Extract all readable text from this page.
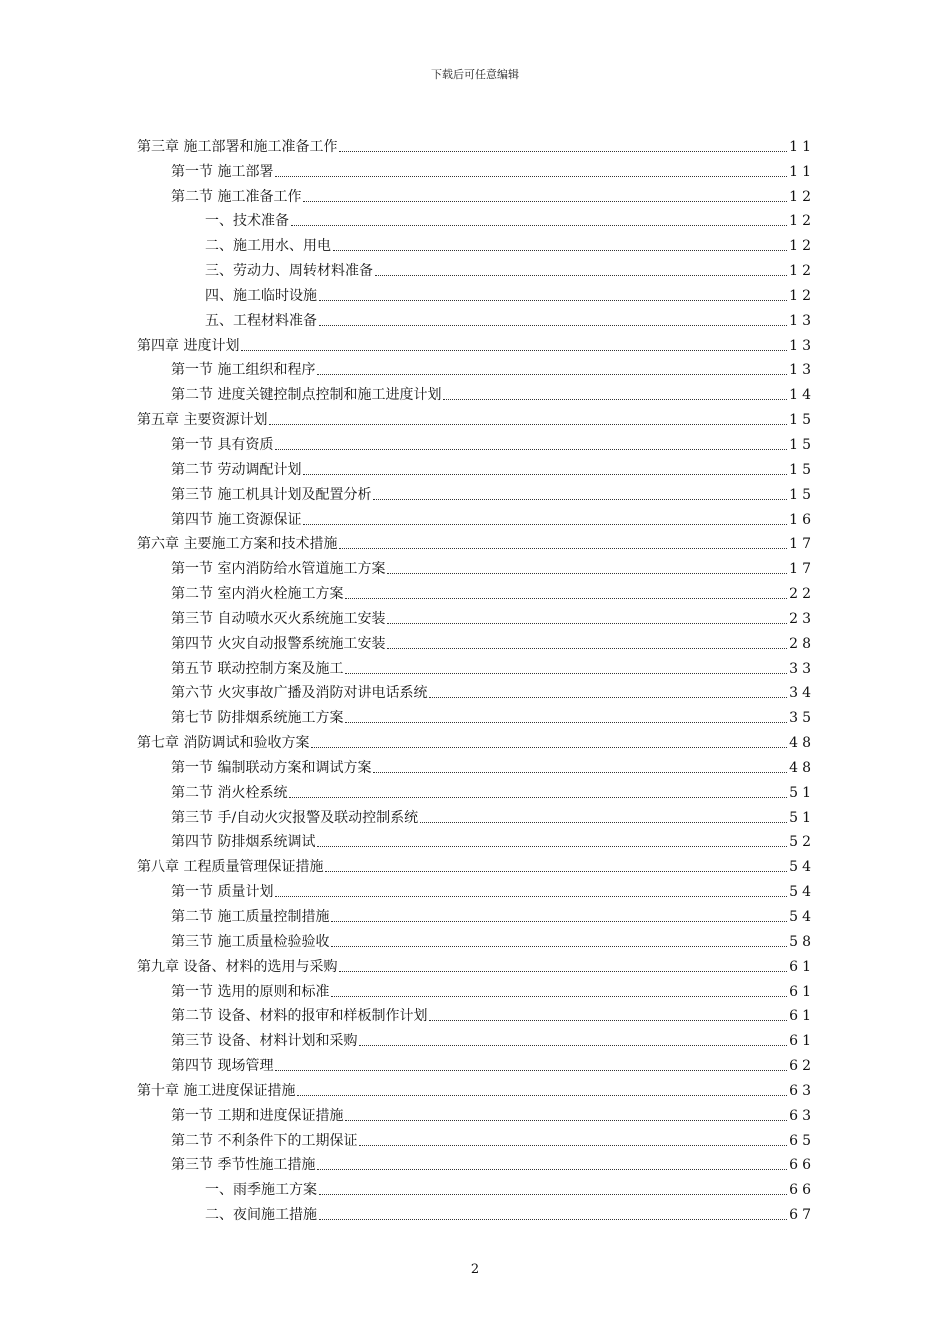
下载后可任意编辑
第三章 施工部署和施工准备工作	11
第一节 施工部署	11
第二节 施工准备工作	12
一、技术准备	12
二、施工用水、用电	12
三、劳动力、周转材料准备	12
四、施工临时设施	12
五、工程材料准备	13
第四章 进度计划	13
第一节 施工组织和程序	13
第二节 进度关键控制点控制和施工进度计划	14
第五章 主要资源计划	15
第一节 具有资质	15
第二节 劳动调配计划	15
第三节 施工机具计划及配置分析	15
第四节 施工资源保证	16
第六章 主要施工方案和技术措施	17
第一节 室内消防给水管道施工方案	17
第二节 室内消火栓施工方案	22
第三节 自动喷水灭火系统施工安装	23
第四节 火灾自动报警系统施工安装	28
第五节 联动控制方案及施工	33
第六节 火灾事故广播及消防对讲电话系统	34
第七节 防排烟系统施工方案	35
第七章 消防调试和验收方案	48
第一节 编制联动方案和调试方案	48
第二节 消火栓系统	51
第三节 手/自动火灾报警及联动控制系统	51
第四节 防排烟系统调试	52
第八章 工程质量管理保证措施	54
第一节 质量计划	54
第二节 施工质量控制措施	54
第三节 施工质量检验验收	58
第九章 设备、材料的选用与采购	61
第一节 选用的原则和标准	61
第二节 设备、材料的报审和样板制作计划	61
第三节 设备、材料计划和采购	61
第四节 现场管理	62
第十章 施工进度保证措施	63
第一节 工期和进度保证措施	63
第二节 不利条件下的工期保证	65
第三节 季节性施工措施	66
一、雨季施工方案	66
二、夜间施工措施	67
2
